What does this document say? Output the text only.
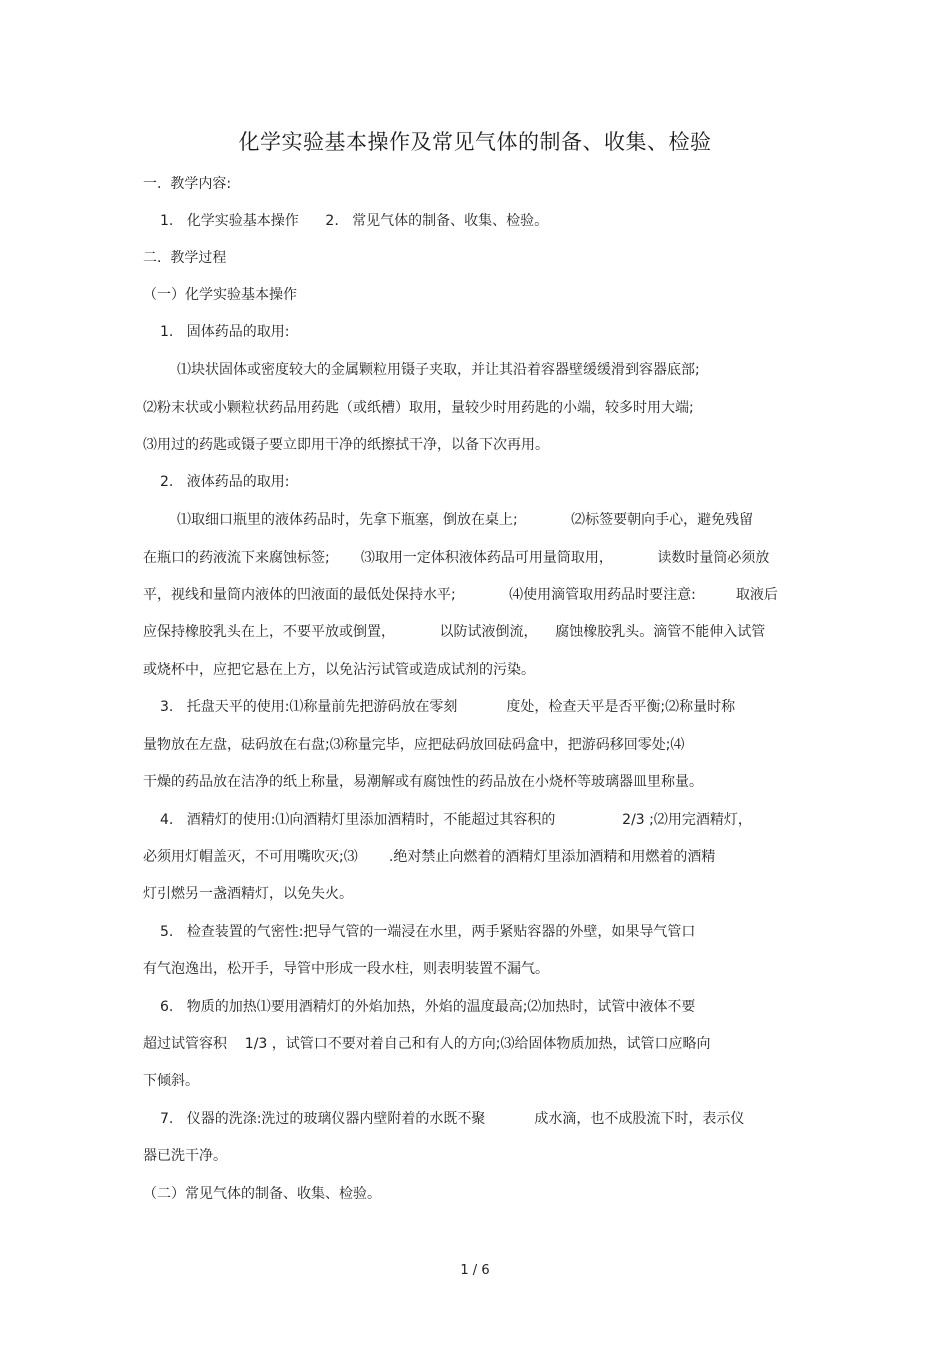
化学实验基本操作及常见气体的制备、收集、检验
一.  教学内容:
1.   化学实验基本操作      2.   常见气体的制备、收集、检验。
二.  教学过程
（一）化学实验基本操作
1.   固体药品的取用:
⑴块状固体或密度较大的金属颗粒用镊子夹取，并让其沿着容器壁缓缓滑到容器底部;
⑵粉末状或小颗粒状药品用药匙（或纸槽）取用，量较少时用药匙的小端，较多时用大端;
⑶用过的药匙或镊子要立即用干净的纸擦拭干净，以备下次再用。
2.   液体药品的取用:
⑴取细口瓶里的液体药品时，先拿下瓶塞，倒放在桌上;            ⑵标签要朝向手心，避免残留
在瓶口的药液流下来腐蚀标签;       ⑶取用一定体积液体药品可用量筒取用，          读数时量筒必须放
平，视线和量筒内液体的凹液面的最低处保持水平;            ⑷使用滴管取用药品时要注意:         取液后
应保持橡胶乳头在上，不要平放或倒置，          以防试液倒流，    腐蚀橡胶乳头。滴管不能伸入试管
或烧杯中，应把它悬在上方，以免沾污试管或造成试剂的污染。
3.   托盘天平的使用:⑴称量前先把游码放在零刻           度处，检查天平是否平衡;⑵称量时称
量物放在左盘，砝码放在右盘;⑶称量完毕，应把砝码放回砝码盒中，把游码移回零处;⑷
干燥的药品放在洁净的纸上称量，易潮解或有腐蚀性的药品放在小烧杯等玻璃器皿里称量。
4.   酒精灯的使用:⑴向酒精灯里添加酒精时，不能超过其容积的               2/3 ;⑵用完酒精灯，
必须用灯帽盖灭，不可用嘴吹灭;⑶       .绝对禁止向燃着的酒精灯里添加酒精和用燃着的酒精
灯引燃另一盏酒精灯，以免失火。
5.   检查装置的气密性:把导气管的一端浸在水里，两手紧贴容器的外壁，如果导气管口
有气泡逸出，松开手，导管中形成一段水柱，则表明装置不漏气。
6.   物质的加热⑴要用酒精灯的外焰加热，外焰的温度最高;⑵加热时，试管中液体不要
超过试管容积    1/3 ，试管口不要对着自己和有人的方向;⑶给固体物质加热，试管口应略向
下倾斜。
7.   仪器的洗涤:洗过的玻璃仪器内壁附着的水既不聚           成水滴，也不成股流下时，表示仪
器已洗干净。
（二）常见气体的制备、收集、检验。
1 / 6
